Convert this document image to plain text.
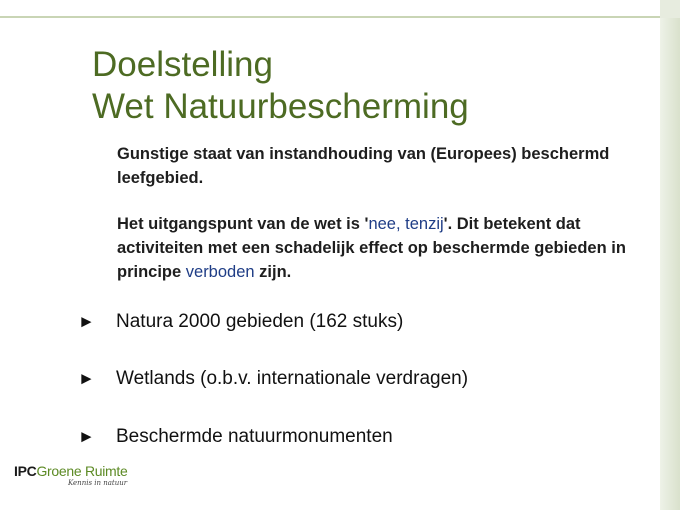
Doelstelling
Wet Natuurbescherming

Gunstige staat van instandhouding van (Europees) beschermd leefgebied.

Het uitgangspunt van de wet is 'nee, tenzij'. Dit betekent dat activiteiten met een schadelijk effect op beschermde gebieden in principe verboden zijn.

►	Natura 2000 gebieden (162 stuks)
►	Wetlands (o.b.v. internationale verdragen)
►	Beschermde natuurmonumenten
IPCGroene Ruimte
Kennis in natuur
